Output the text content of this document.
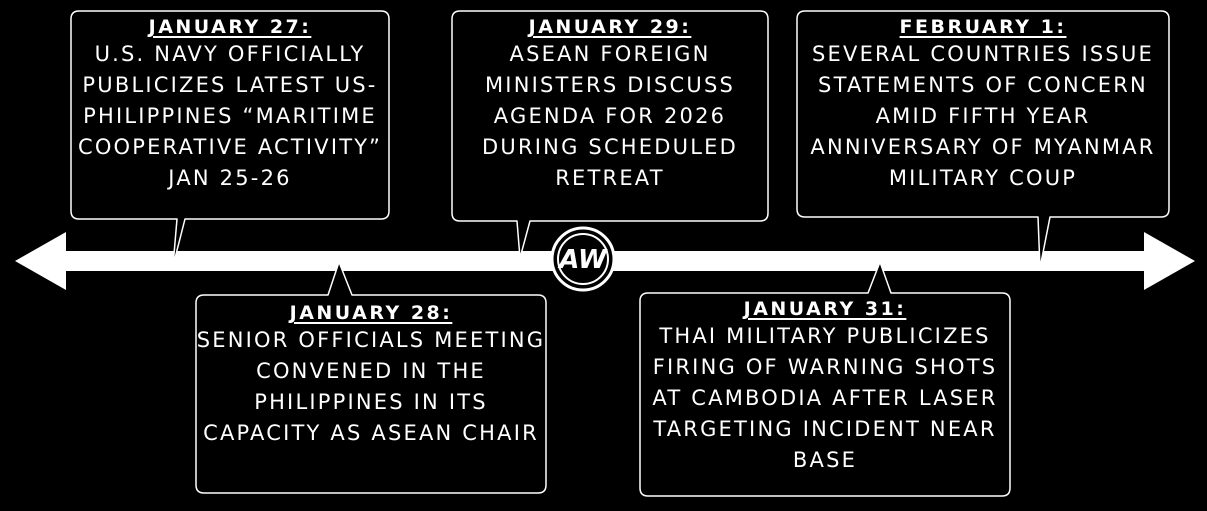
AW
JANUARY 27:
U.S. NAVY OFFICIALLY PUBLICIZES LATEST US-PHILIPPINES “MARITIME COOPERATIVE ACTIVITY” JAN 25-26
JANUARY 29:
ASEAN FOREIGN MINISTERS DISCUSS AGENDA FOR 2026 DURING SCHEDULED RETREAT
FEBRUARY 1:
SEVERAL COUNTRIES ISSUE STATEMENTS OF CONCERN AMID FIFTH YEAR ANNIVERSARY OF MYANMAR MILITARY COUP
JANUARY 28:
SENIOR OFFICIALS MEETING CONVENED IN THE PHILIPPINES IN ITS CAPACITY AS ASEAN CHAIR
JANUARY 31:
THAI MILITARY PUBLICIZES FIRING OF WARNING SHOTS AT CAMBODIA AFTER LASER TARGETING INCIDENT NEAR BASE
